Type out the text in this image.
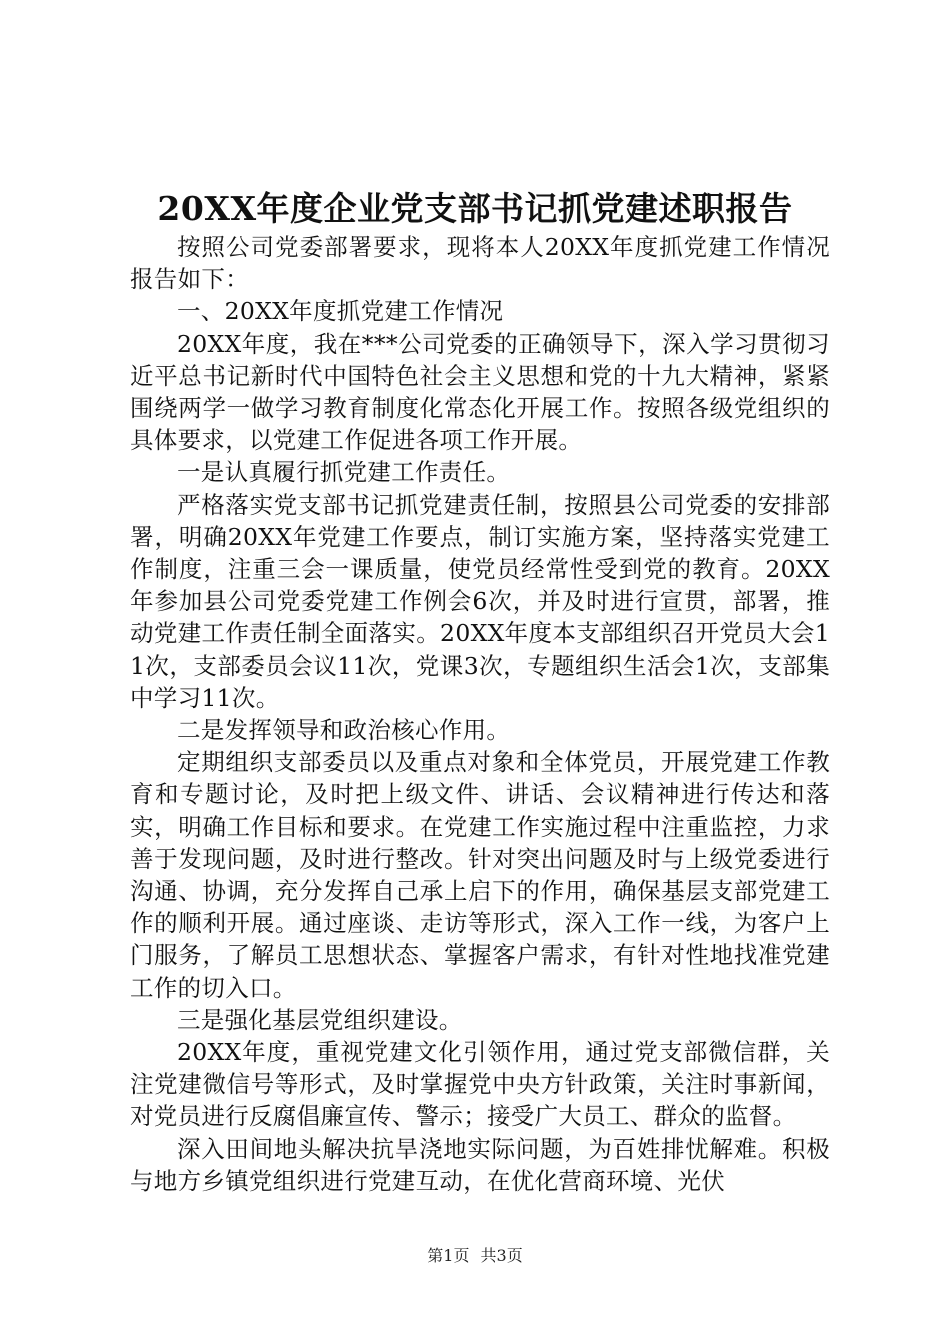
20XX年度企业党支部书记抓党建述职报告

按照公司党委部署要求，现将本人20XX年度抓党建工作情况报告如下：

一、20XX年度抓党建工作情况

20XX年度，我在***公司党委的正确领导下，深入学习贯彻习近平总书记新时代中国特色社会主义思想和党的十九大精神，紧紧围绕两学一做学习教育制度化常态化开展工作。按照各级党组织的具体要求，以党建工作促进各项工作开展。

一是认真履行抓党建工作责任。

严格落实党支部书记抓党建责任制，按照县公司党委的安排部署，明确20XX年党建工作要点，制订实施方案，坚持落实党建工作制度，注重三会一课质量，使党员经常性受到党的教育。20XX年参加县公司党委党建工作例会6次，并及时进行宣贯，部署，推动党建工作责任制全面落实。20XX年度本支部组织召开党员大会11次，支部委员会议11次，党课3次，专题组织生活会1次，支部集中学习11次。

二是发挥领导和政治核心作用。

定期组织支部委员以及重点对象和全体党员，开展党建工作教育和专题讨论，及时把上级文件、讲话、会议精神进行传达和落实，明确工作目标和要求。在党建工作实施过程中注重监控，力求善于发现问题，及时进行整改。针对突出问题及时与上级党委进行沟通、协调，充分发挥自己承上启下的作用，确保基层支部党建工作的顺利开展。通过座谈、走访等形式，深入工作一线，为客户上门服务，了解员工思想状态、掌握客户需求，有针对性地找准党建工作的切入口。

三是强化基层党组织建设。

20XX年度，重视党建文化引领作用，通过党支部微信群，关注党建微信号等形式，及时掌握党中央方针政策，关注时事新闻，对党员进行反腐倡廉宣传、警示；接受广大员工、群众的监督。

深入田间地头解决抗旱浇地实际问题，为百姓排忧解难。积极与地方乡镇党组织进行党建互动，在优化营商环境、光伏

第1页 共3页
